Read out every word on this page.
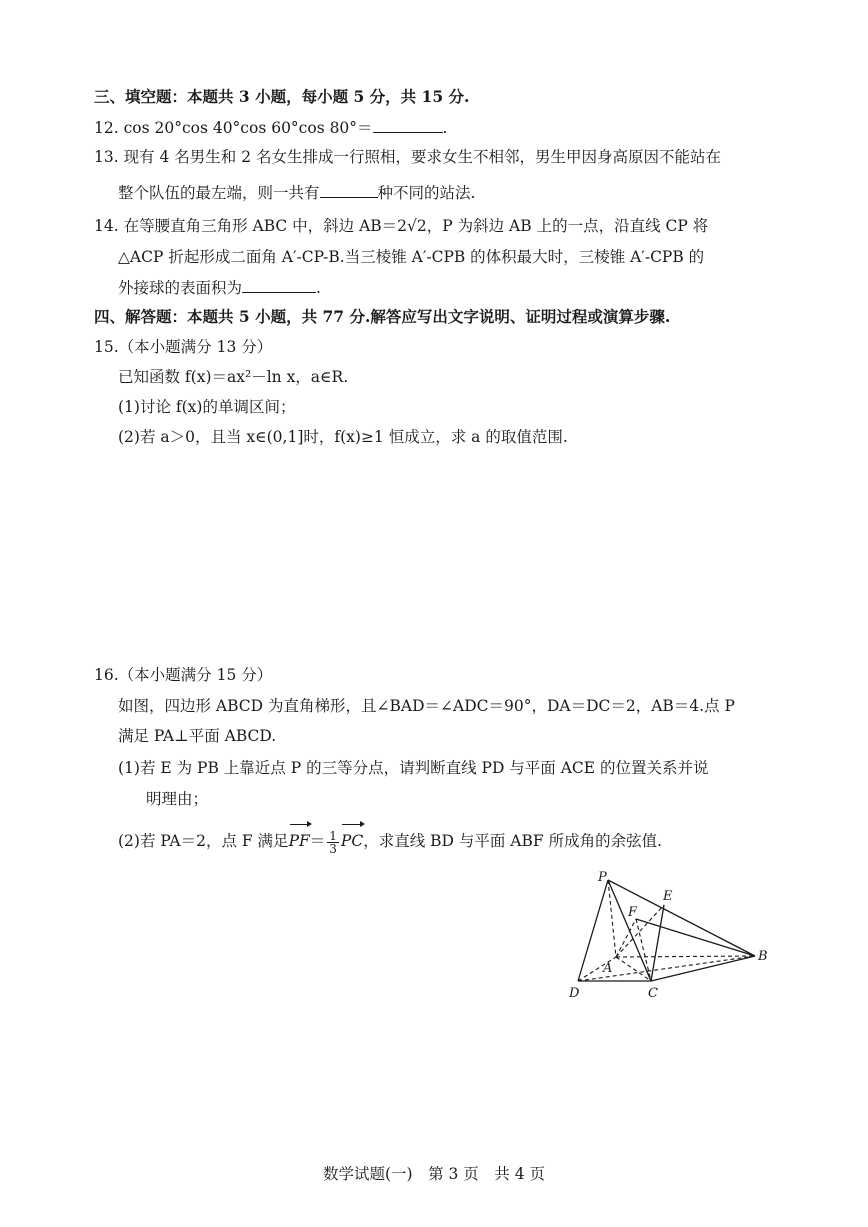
三、填空题：本题共 3 小题，每小题 5 分，共 15 分.
12. cos 20°cos 40°cos 60°cos 80°＝	.
13. 现有 4 名男生和 2 名女生排成一行照相，要求女生不相邻，男生甲因身高原因不能站在
整个队伍的最左端，则一共有	种不同的站法.
14. 在等腰直角三角形 ABC 中，斜边 AB＝2√2，P 为斜边 AB 上的一点，沿直线 CP 将
△ACP 折起形成二面角 A′-CP-B.当三棱锥 A′-CPB 的体积最大时，三棱锥 A′-CPB 的
外接球的表面积为	.
四、解答题：本题共 5 小题，共 77 分.解答应写出文字说明、证明过程或演算步骤.
15.（本小题满分 13 分）
已知函数 f(x)＝ax²－ln x，a∈R.
(1)讨论 f(x)的单调区间；
(2)若 a＞0，且当 x∈(0,1]时，f(x)≥1 恒成立，求 a 的取值范围.
16.（本小题满分 15 分）
如图，四边形 ABCD 为直角梯形，且∠BAD＝∠ADC＝90°，DA＝DC＝2，AB＝4.点 P
满足 PA⊥平面 ABCD.
(1)若 E 为 PB 上靠近点 P 的三等分点，请判断直线 PD 与平面 ACE 的位置关系并说
明理由；
(2)若 PA＝2，点 F 满足$PF= \frac{1}{3}$ PC，求直线 BD 与平面 ABF 所成角的余弦值.
P
E
F
A
B
C
D
数学试题(一)　第 3 页　共 4 页
